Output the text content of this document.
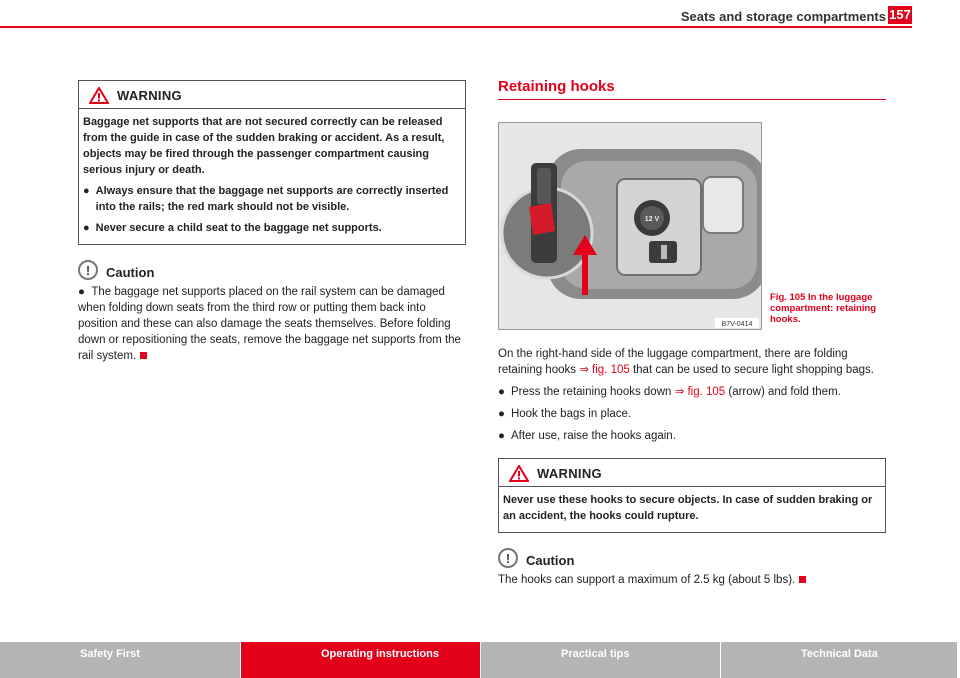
Seats and storage compartments 157
WARNING

Baggage net supports that are not secured correctly can be released from the guide in case of the sudden braking or accident. As a result, objects may be fired through the passenger compartment causing serious injury or death.

● Always ensure that the baggage net supports are correctly inserted into the rails; the red mark should not be visible.
● Never secure a child seat to the baggage net supports.
!	Caution
●  The baggage net supports placed on the rail system can be damaged when folding down seats from the third row or putting them back into position and these can also damage the seats themselves. Before folding down or repositioning the seats, remove the baggage net supports from the rail system.
Retaining hooks
12 V
B7V-0414
Fig. 105 In the luggage compartment: retaining hooks.

On the right-hand side of the luggage compartment, there are folding retaining hooks ⇒ fig. 105 that can be used to secure light shopping bags.

● Press the retaining hooks down ⇒ fig. 105 (arrow) and fold them.
● Hook the bags in place.
● After use, raise the hooks again.
WARNING

Never use these hooks to secure objects. In case of sudden braking or an accident, the hooks could rupture.

!	Caution
The hooks can support a maximum of 2.5 kg (about 5 lbs).
Safety First	Operating instructions	Practical tips	Technical Data
